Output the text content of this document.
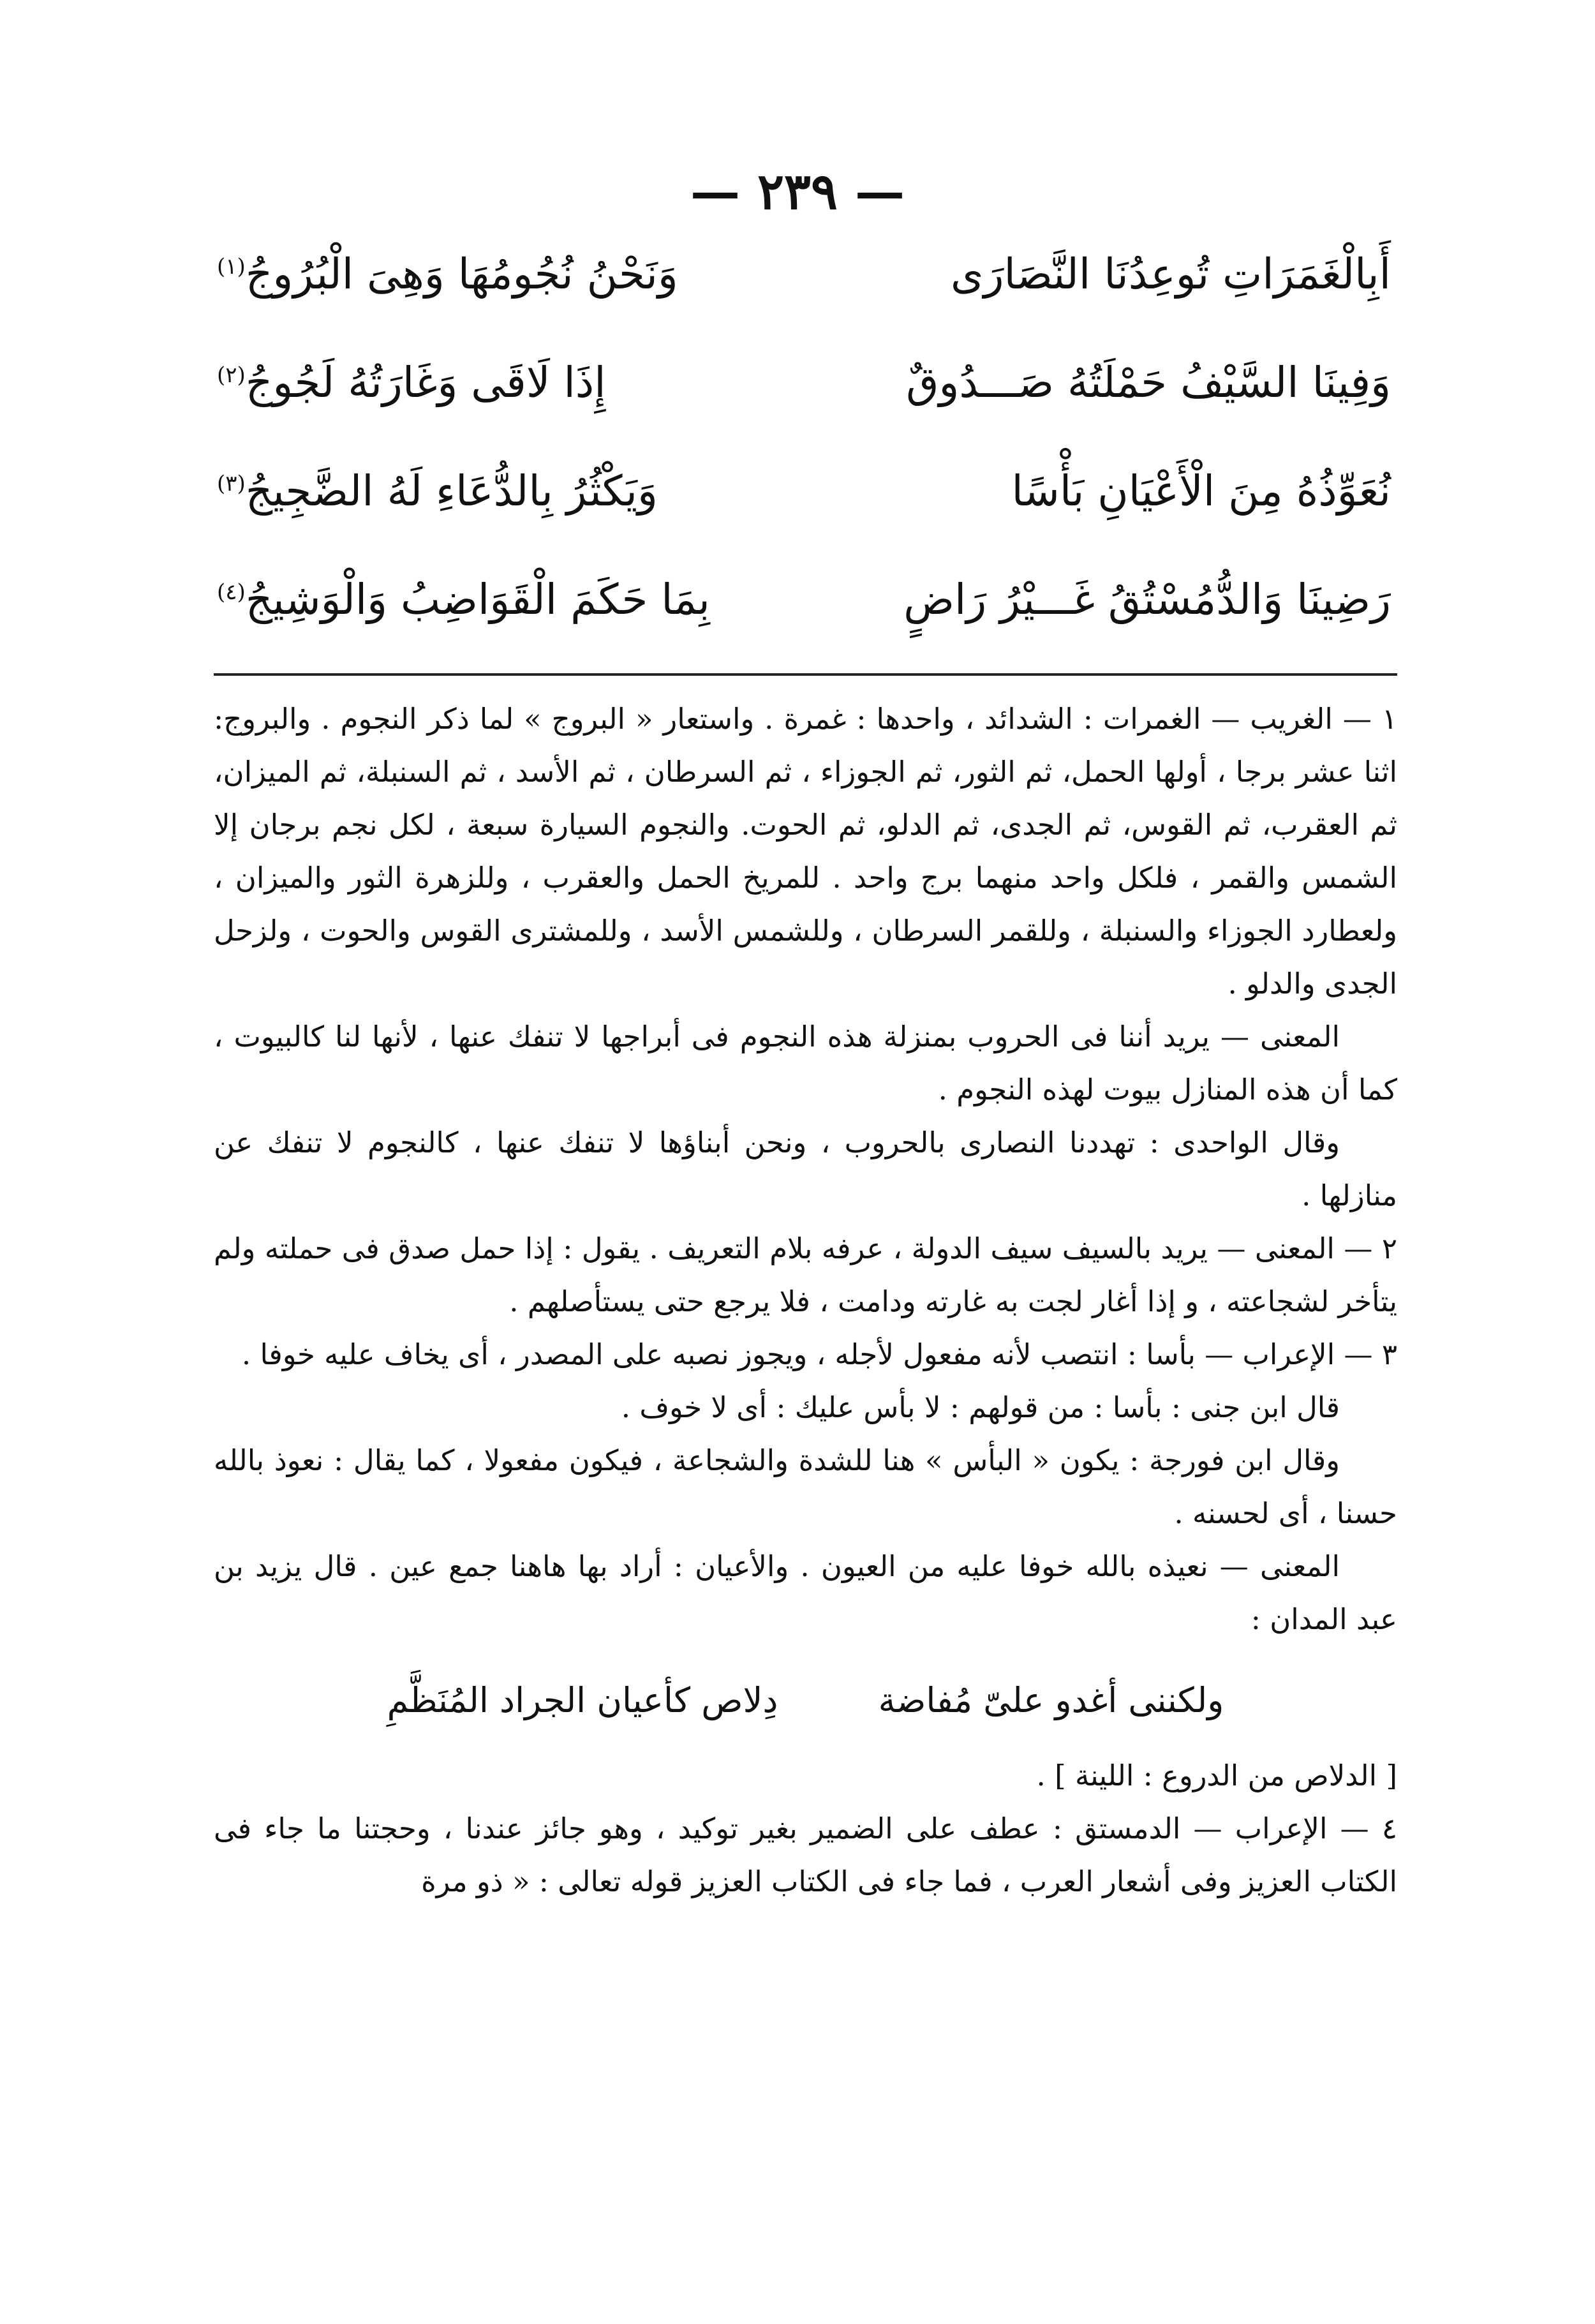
— ٢٣٩ —
أَبِالْغَمَرَاتِ تُوعِدُنَا النَّصَارَى
وَنَحْنُ نُجُومُهَا وَهِىَ الْبُرُوجُ$^{(١)}$
وَفِينَا السَّيْفُ حَمْلَتُهُ صَـــدُوقٌ
إِذَا لَاقَى وَغَارَتُهُ لَجُوجُ$^{(٢)}$
نُعَوِّذُهُ مِنَ الْأَعْيَانِ بَأْسًا
وَيَكْثُرُ بِالدُّعَاءِ لَهُ الضَّجِيجُ$^{(٣)}$
رَضِينَا وَالدُّمُسْتُقُ غَـــيْرُ رَاضٍ
بِمَا حَكَمَ الْقَوَاضِبُ وَالْوَشِيجُ$^{(٤)}$

١ — الغريب — الغمرات : الشدائد ، واحدها : غمرة . واستعار « البروج » لما ذكر النجوم . والبروج: اثنا عشر برجا ، أولها الحمل، ثم الثور، ثم الجوزاء ، ثم السرطان ، ثم الأسد ، ثم السنبلة، ثم الميزان، ثم العقرب، ثم القوس، ثم الجدى، ثم الدلو، ثم الحوت. والنجوم السيارة سبعة ، لكل نجم برجان إلا الشمس والقمر ، فلكل واحد منهما برج واحد . للمريخ الحمل والعقرب ، وللزهرة الثور والميزان ، ولعطارد الجوزاء والسنبلة ، وللقمر السرطان ، وللشمس الأسد ، وللمشترى القوس والحوت ، ولزحل الجدى والدلو .

المعنى — يريد أننا فى الحروب بمنزلة هذه النجوم فى أبراجها لا تنفك عنها ، لأنها لنا كالبيوت ، كما أن هذه المنازل بيوت لهذه النجوم .

وقال الواحدى : تهددنا النصارى بالحروب ، ونحن أبناؤها لا تنفك عنها ، كالنجوم لا تنفك عن منازلها .

٢ — المعنى — يريد بالسيف سيف الدولة ، عرفه بلام التعريف . يقول : إذا حمل صدق فى حملته ولم يتأخر لشجاعته ، و إذا أغار لجت به غارته ودامت ، فلا يرجع حتى يستأصلهم .

٣ — الإعراب — بأسا : انتصب لأنه مفعول لأجله ، ويجوز نصبه على المصدر ، أى يخاف عليه خوفا .

قال ابن جنى : بأسا : من قولهم : لا بأس عليك : أى لا خوف .

وقال ابن فورجة : يكون « البأس » هنا للشدة والشجاعة ، فيكون مفعولا ، كما يقال : نعوذ بالله حسنا ، أى لحسنه .

المعنى — نعيذه بالله خوفا عليه من العيون . والأعيان : أراد بها هاهنا جمع عين . قال يزيد بن عبد المدان :

ولكننى أغدو علىّ مُفاضة دِلاص كأعيان الجراد المُنَظَّمِ

[ الدلاص من الدروع : اللينة ] .

٤ — الإعراب — الدمستق : عطف على الضمير بغير توكيد ، وهو جائز عندنا ، وحجتنا ما جاء فى الكتاب العزيز وفى أشعار العرب ، فما جاء فى الكتاب العزيز قوله تعالى : « ذو مرة
